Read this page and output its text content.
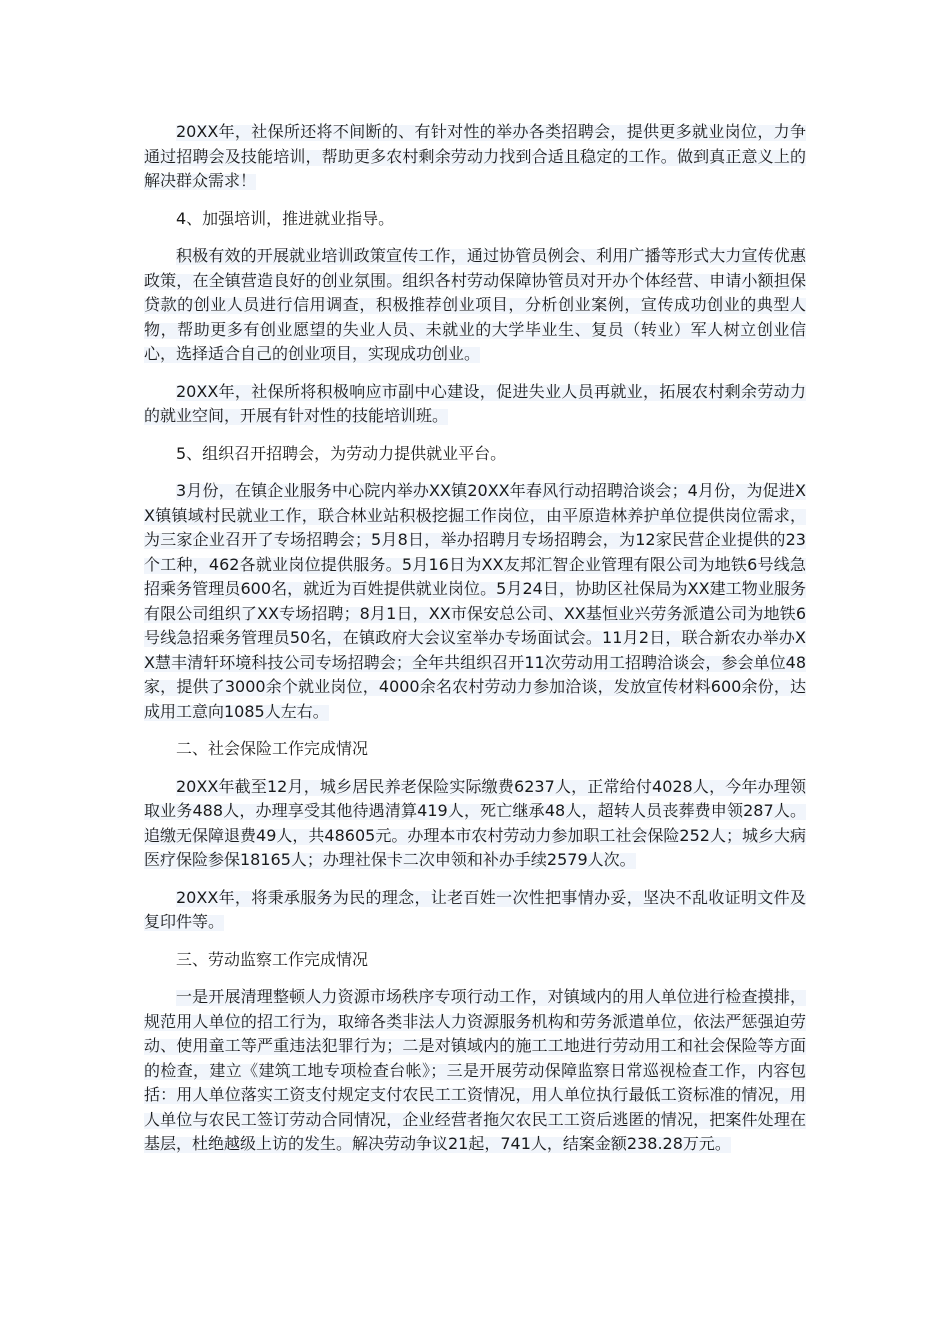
20XX年，社保所还将不间断的、有针对性的举办各类招聘会，提供更多就业岗位，力争通过招聘会及技能培训，帮助更多农村剩余劳动力找到合适且稳定的工作。做到真正意义上的解决群众需求！

4、加强培训，推进就业指导。

积极有效的开展就业培训政策宣传工作，通过协管员例会、利用广播等形式大力宣传优惠政策，在全镇营造良好的创业氛围。组织各村劳动保障协管员对开办个体经营、申请小额担保贷款的创业人员进行信用调查，积极推荐创业项目，分析创业案例，宣传成功创业的典型人物，帮助更多有创业愿望的失业人员、未就业的大学毕业生、复员（转业）军人树立创业信心，选择适合自己的创业项目，实现成功创业。

20XX年，社保所将积极响应市副中心建设，促进失业人员再就业，拓展农村剩余劳动力的就业空间，开展有针对性的技能培训班。

5、组织召开招聘会，为劳动力提供就业平台。

3月份，在镇企业服务中心院内举办XX镇20XX年春风行动招聘洽谈会；4月份，为促进XX镇镇域村民就业工作，联合林业站积极挖掘工作岗位，由平原造林养护单位提供岗位需求，为三家企业召开了专场招聘会；5月8日，举办招聘月专场招聘会，为12家民营企业提供的23个工种，462各就业岗位提供服务。5月16日为XX友邦汇智企业管理有限公司为地铁6号线急招乘务管理员600名，就近为百姓提供就业岗位。5月24日，协助区社保局为XX建工物业服务有限公司组织了XX专场招聘；8月1日，XX市保安总公司、XX基恒业兴劳务派遣公司为地铁6号线急招乘务管理员50名，在镇政府大会议室举办专场面试会。11月2日，联合新农办举办XX慧丰清轩环境科技公司专场招聘会；全年共组织召开11次劳动用工招聘洽谈会，参会单位48家，提供了3000余个就业岗位，4000余名农村劳动力参加洽谈，发放宣传材料600余份，达成用工意向1085人左右。

二、社会保险工作完成情况

20XX年截至12月，城乡居民养老保险实际缴费6237人，正常给付4028人，今年办理领取业务488人，办理享受其他待遇清算419人，死亡继承48人，超转人员丧葬费申领287人。追缴无保障退费49人，共48605元。办理本市农村劳动力参加职工社会保险252人；城乡大病医疗保险参保18165人；办理社保卡二次申领和补办手续2579人次。

20XX年，将秉承服务为民的理念，让老百姓一次性把事情办妥，坚决不乱收证明文件及复印件等。

三、劳动监察工作完成情况

一是开展清理整顿人力资源市场秩序专项行动工作，对镇域内的用人单位进行检查摸排，规范用人单位的招工行为，取缔各类非法人力资源服务机构和劳务派遣单位，依法严惩强迫劳动、使用童工等严重违法犯罪行为；二是对镇域内的施工工地进行劳动用工和社会保险等方面的检查，建立《建筑工地专项检查台帐》；三是开展劳动保障监察日常巡视检查工作，内容包括：用人单位落实工资支付规定支付农民工工资情况，用人单位执行最低工资标准的情况，用人单位与农民工签订劳动合同情况，企业经营者拖欠农民工工资后逃匿的情况，把案件处理在基层，杜绝越级上访的发生。解决劳动争议21起，741人，结案金额238.28万元。
